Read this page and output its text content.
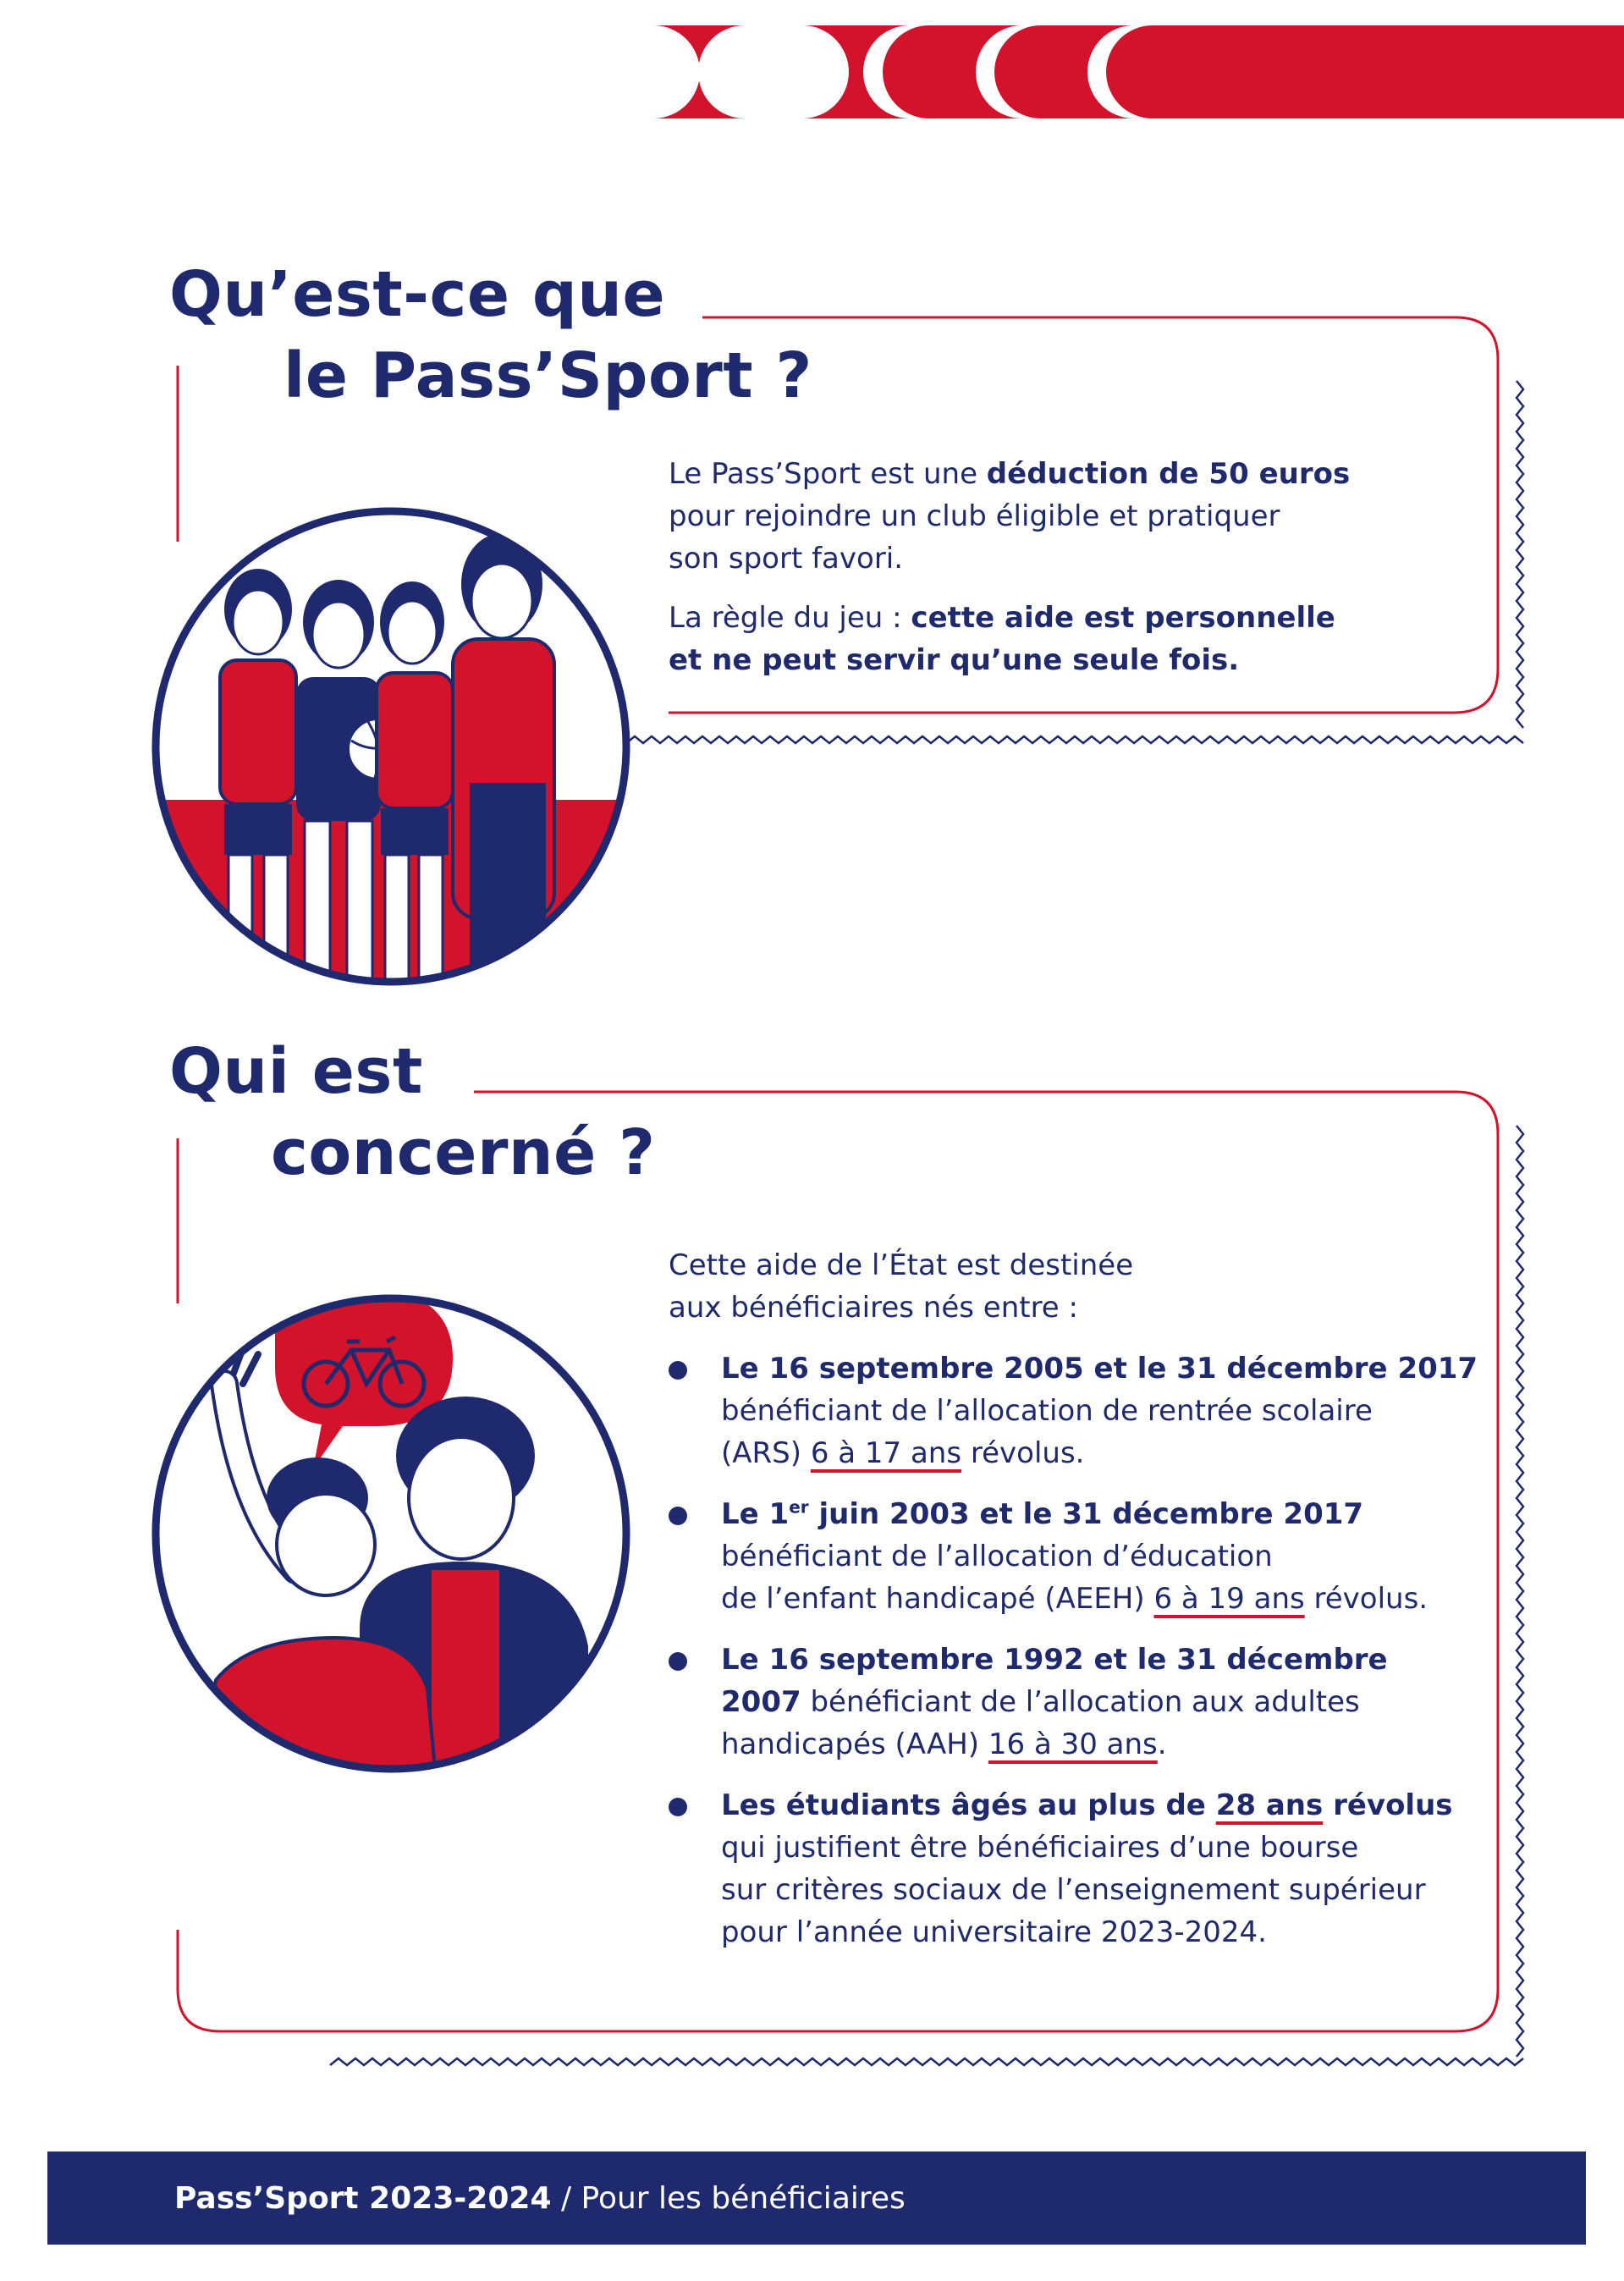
Qu’est-ce que
le Pass’Sport ?

Le Pass’Sport est une déduction de 50 euros
pour rejoindre un club éligible et pratiquer
son sport favori.

La règle du jeu : cette aide est personnelle
et ne peut servir qu’une seule fois.

Qui est
concerné ?

Cette aide de l’État est destinée
aux bénéficiaires nés entre :

Le 16 septembre 2005 et le 31 décembre 2017
bénéficiant de l’allocation de rentrée scolaire
(ARS) 6 à 17 ans révolus.
Le 1er juin 2003 et le 31 décembre 2017
bénéficiant de l’allocation d’éducation
de l’enfant handicapé (AEEH) 6 à 19 ans révolus.
Le 16 septembre 1992 et le 31 décembre
2007 bénéficiant de l’allocation aux adultes
handicapés (AAH) 16 à 30 ans.
Les étudiants âgés au plus de 28 ans révolus
qui justifient être bénéficiaires d’une bourse
sur critères sociaux de l’enseignement supérieur
pour l’année universitaire 2023-2024.
Pass’Sport 2023-2024 / Pour les bénéficiaires
